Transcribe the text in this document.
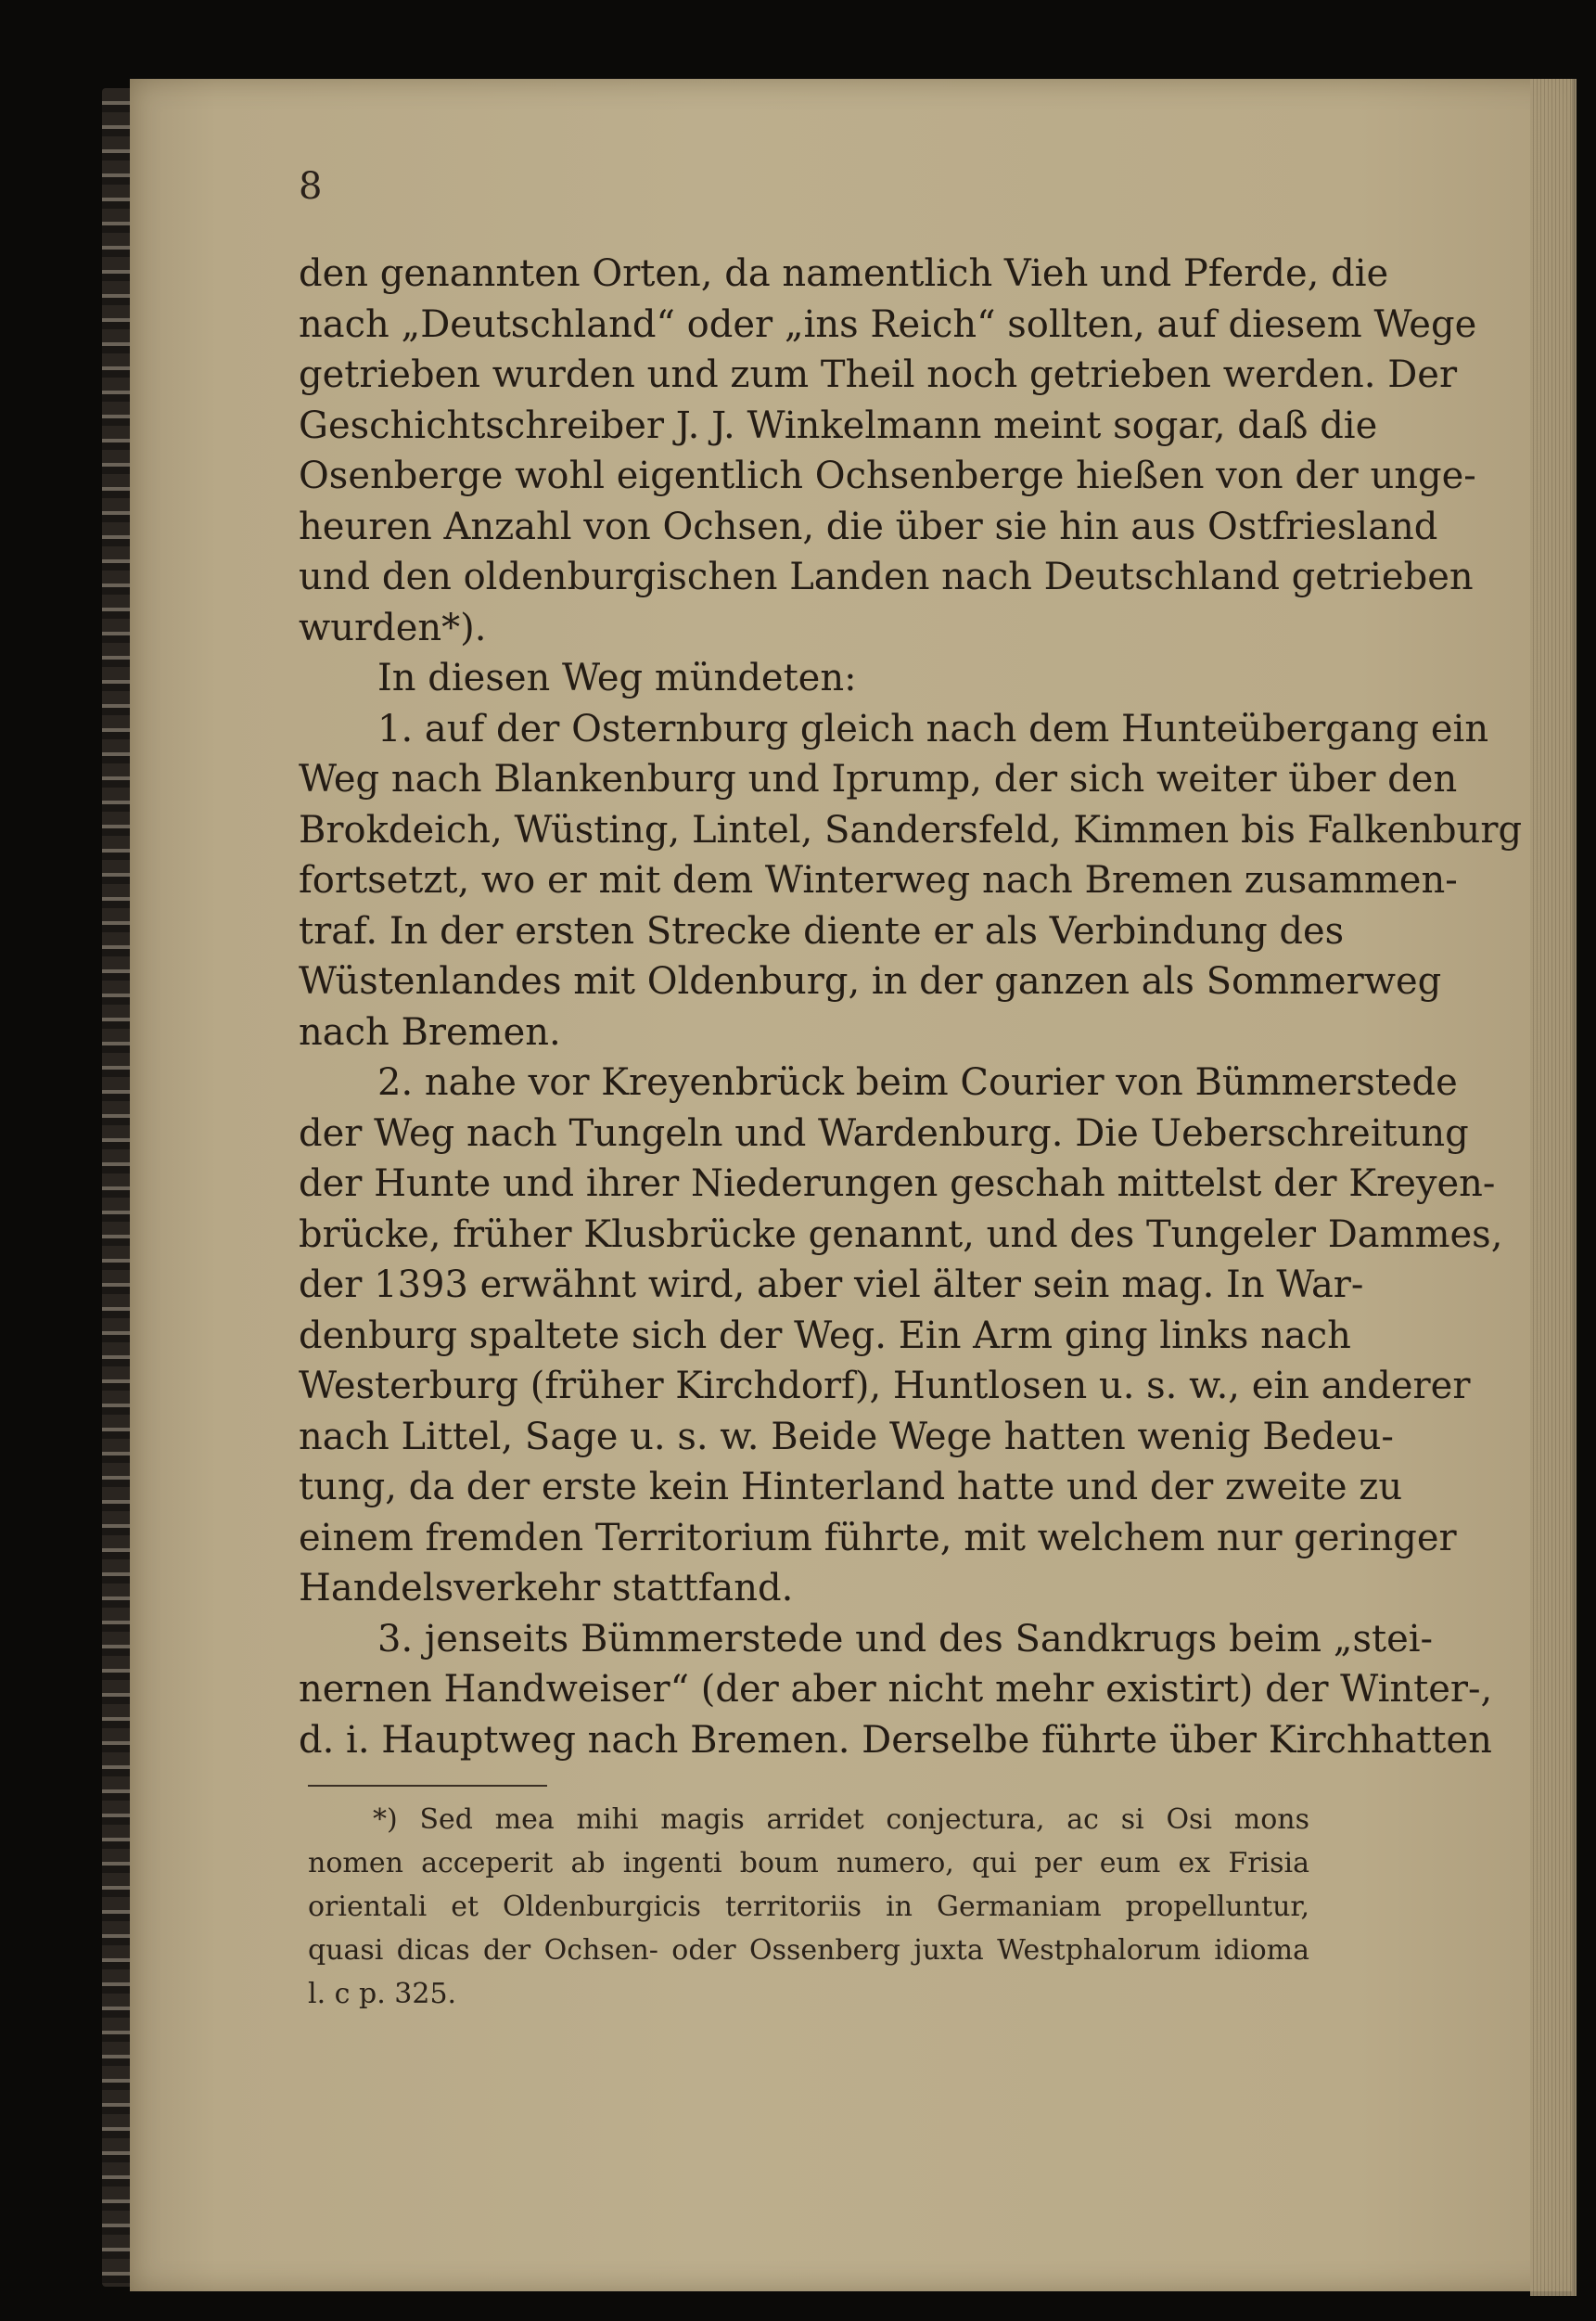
8
den genannten Orten, da namentlich Vieh und Pferde, die
nach „Deutschland“ oder „ins Reich“ sollten, auf diesem Wege
getrieben wurden und zum Theil noch getrieben werden. Der
Geschichtschreiber J. J. Winkelmann meint sogar, daß die
Osenberge wohl eigentlich Ochsenberge hießen von der unge-
heuren Anzahl von Ochsen, die über sie hin aus Ostfriesland
und den oldenburgischen Landen nach Deutschland getrieben
wurden*).
In diesen Weg mündeten:
1. auf der Osternburg gleich nach dem Hunteübergang ein
Weg nach Blankenburg und Iprump, der sich weiter über den
Brokdeich, Wüsting, Lintel, Sandersfeld, Kimmen bis Falkenburg
fortsetzt, wo er mit dem Winterweg nach Bremen zusammen-
traf. In der ersten Strecke diente er als Verbindung des
Wüstenlandes mit Oldenburg, in der ganzen als Sommerweg
nach Bremen.
2. nahe vor Kreyenbrück beim Courier von Bümmerstede
der Weg nach Tungeln und Wardenburg. Die Ueberschreitung
der Hunte und ihrer Niederungen geschah mittelst der Kreyen-
brücke, früher Klusbrücke genannt, und des Tungeler Dammes,
der 1393 erwähnt wird, aber viel älter sein mag. In War-
denburg spaltete sich der Weg. Ein Arm ging links nach
Westerburg (früher Kirchdorf), Huntlosen u. s. w., ein anderer
nach Littel, Sage u. s. w. Beide Wege hatten wenig Bedeu-
tung, da der erste kein Hinterland hatte und der zweite zu
einem fremden Territorium führte, mit welchem nur geringer
Handelsverkehr stattfand.
3. jenseits Bümmerstede und des Sandkrugs beim „stei-
nernen Handweiser“ (der aber nicht mehr existirt) der Winter-,
d. i. Hauptweg nach Bremen. Derselbe führte über Kirchhatten
*) Sed mea mihi magis arridet conjectura, ac si Osi mons
nomen acceperit ab ingenti boum numero, qui per eum ex Frisia
orientali et Oldenburgicis territoriis in Germaniam propelluntur,
quasi dicas der Ochsen- oder Ossenberg juxta Westphalorum idioma
l. c p. 325.
